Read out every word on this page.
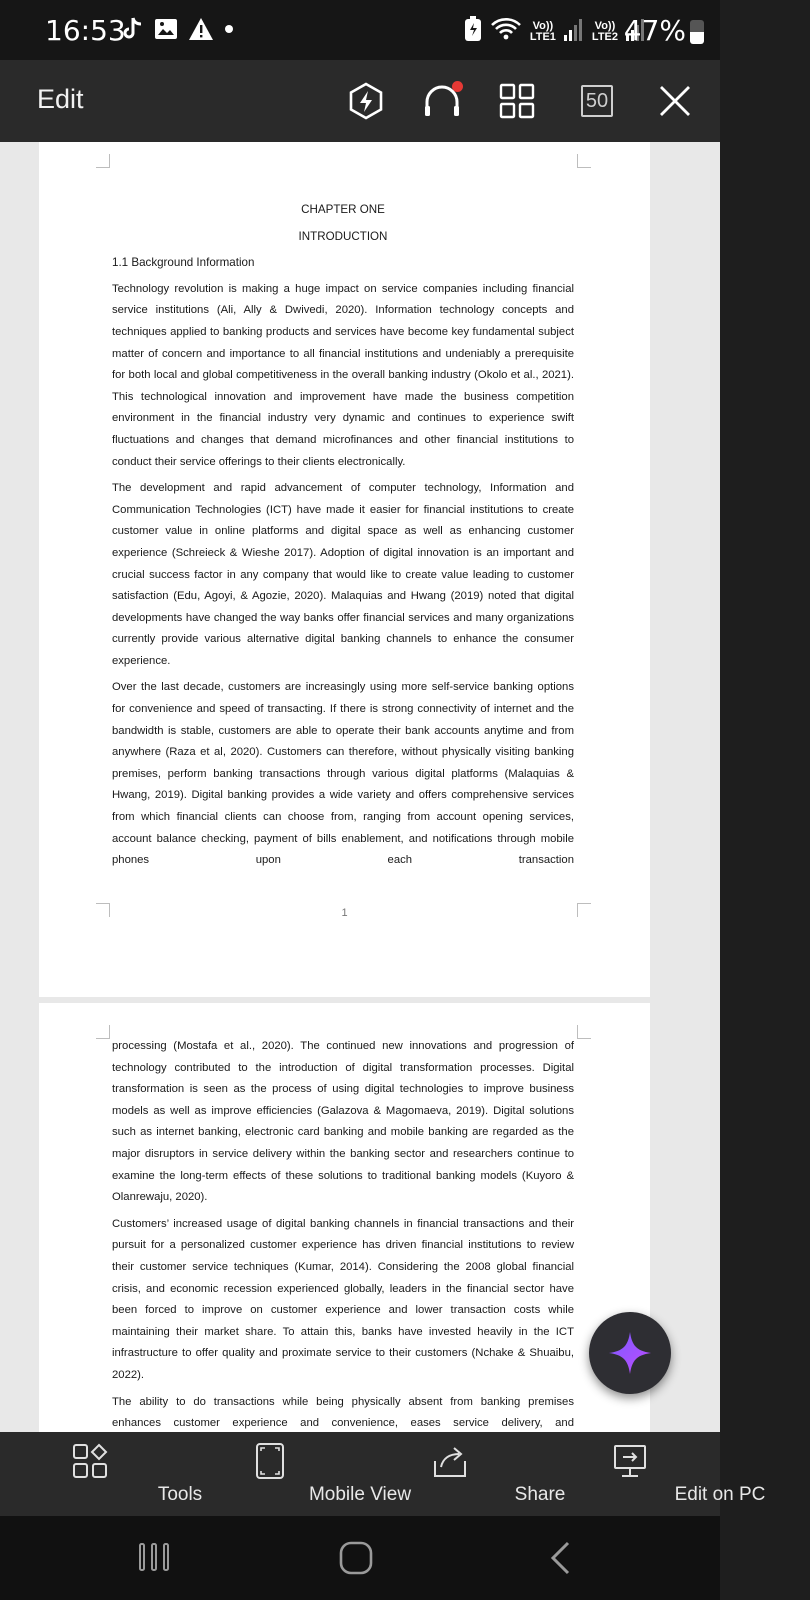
16:53	Vo))
LTE1
Vo))
LTE2 47%
Edit	50

CHAPTER ONE

INTRODUCTION

1.1 Background Information

Technology revolution is making a huge impact on service companies including financial service institutions (Ali, Ally & Dwivedi, 2020). Information technology concepts and techniques applied to banking products and services have become key fundamental subject matter of concern and importance to all financial institutions and undeniably a prerequisite for both local and global competitiveness in the overall banking industry (Okolo et al., 2021). This technological innovation and improvement have made the business competition environment in the financial industry very dynamic and continues to experience swift fluctuations and changes that demand microfinances and other financial institutions to conduct their service offerings to their clients electronically.

The development and rapid advancement of computer technology, Information and Communication Technologies (ICT) have made it easier for financial institutions to create customer value in online platforms and digital space as well as enhancing customer experience (Schreieck & Wieshe 2017). Adoption of digital innovation is an important and crucial success factor in any company that would like to create value leading to customer satisfaction (Edu, Agoyi, & Agozie, 2020). Malaquias and Hwang (2019) noted that digital developments have changed the way banks offer financial services and many organizations currently provide various alternative digital banking channels to enhance the consumer experience.

Over the last decade, customers are increasingly using more self-service banking options for convenience and speed of transacting. If there is strong connectivity of internet and the bandwidth is stable, customers are able to operate their bank accounts anytime and from anywhere (Raza et al, 2020). Customers can therefore, without physically visiting banking premises, perform banking transactions through various digital platforms (Malaquias & Hwang, 2019). Digital banking provides a wide variety and offers comprehensive services from which financial clients can choose from, ranging from account opening services, account balance checking, payment of bills enablement, and notifications through mobile phones upon each transaction

1

processing (Mostafa et al., 2020). The continued new innovations and progression of technology contributed to the introduction of digital transformation processes. Digital transformation is seen as the process of using digital technologies to improve business models as well as improve efficiencies (Galazova & Magomaeva, 2019). Digital solutions such as internet banking, electronic card banking and mobile banking are regarded as the major disruptors in service delivery within the banking sector and researchers continue to examine the long-term effects of these solutions to traditional banking models (Kuyoro & Olanrewaju, 2020).

Customers’ increased usage of digital banking channels in financial transactions and their pursuit for a personalized customer experience has driven financial institutions to review their customer service techniques (Kumar, 2014). Considering the 2008 global financial crisis, and economic recession experienced globally, leaders in the financial sector have been forced to improve on customer experience and lower transaction costs while maintaining their market share. To attain this, banks have invested heavily in the ICT infrastructure to offer quality and proximate service to their customers (Nchake & Shuaibu, 2022).

The ability to do transactions while being physically absent from banking premises enhances customer experience and convenience, eases service delivery, and

Tools	Mobile View	Share	Edit on PC
